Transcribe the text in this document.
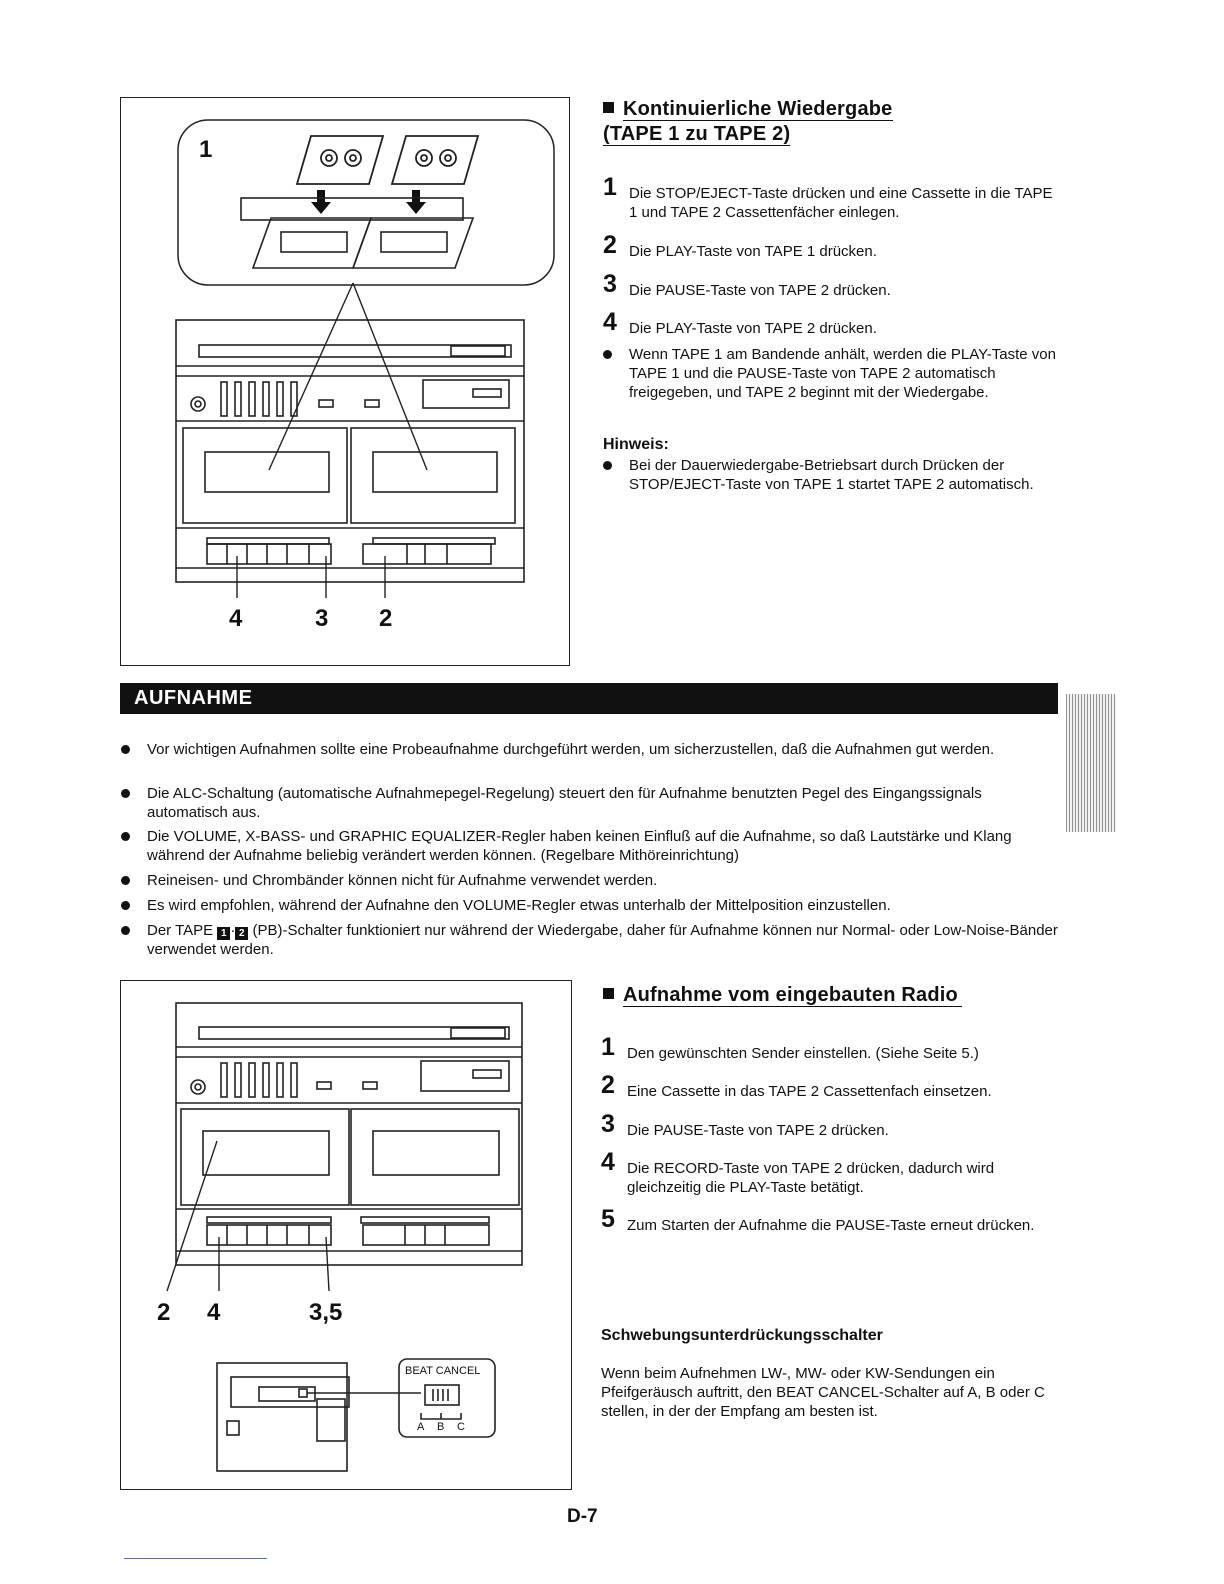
1
4	3 2
Kontinuierliche Wiedergabe
(TAPE 1 zu TAPE 2)
1 Die STOP/EJECT-Taste drücken und eine Cassette in die TAPE 1 und TAPE 2 Cassettenfächer einlegen.
2 Die PLAY-Taste von TAPE 1 drücken.
3 Die PAUSE-Taste von TAPE 2 drücken.
4 Die PLAY-Taste von TAPE 2 drücken.
Wenn TAPE 1 am Bandende anhält, werden die PLAY-Taste von TAPE 1 und die PAUSE-Taste von TAPE 2 automatisch freigegeben, und TAPE 2 beginnt mit der Wiedergabe.
Hinweis:
Bei der Dauerwiedergabe-Betriebsart durch Drücken der STOP/EJECT-Taste von TAPE 1 startet TAPE 2 automatisch.
AUFNAHME
Vor wichtigen Aufnahmen sollte eine Probeaufnahme durchgeführt werden, um sicherzustellen, daß die Aufnahmen gut werden.
Die ALC-Schaltung (automatische Aufnahmepegel-Regelung) steuert den für Aufnahme benutzten Pegel des Eingangssignals automatisch aus.
Die VOLUME, X-BASS- und GRAPHIC EQUALIZER-Regler haben keinen Einfluß auf die Aufnahme, so daß Lautstärke und Klang während der Aufnahme beliebig verändert werden können. (Regelbare Mithöreinrichtung)
Reineisen- und Chrombänder können nicht für Aufnahme verwendet werden.
Es wird empfohlen, während der Aufnahne den VOLUME-Regler etwas unterhalb der Mittelposition einzustellen.
Der TAPE 1 · 2 (PB)-Schalter funktioniert nur während der Wiedergabe, daher für Aufnahme können nur Normal- oder Low-Noise-Bänder verwendet werden.
2 4	3,5
BEAT CANCEL
A B C
Aufnahme vom eingebauten Radio
1 Den gewünschten Sender einstellen. (Siehe Seite 5.)
2 Eine Cassette in das TAPE 2 Cassettenfach einsetzen.
3 Die PAUSE-Taste von TAPE 2 drücken.
4 Die RECORD-Taste von TAPE 2 drücken, dadurch wird gleichzeitig die PLAY-Taste betätigt.
5 Zum Starten der Aufnahme die PAUSE-Taste erneut drücken.
Schwebungsunterdrückungsschalter
Wenn beim Aufnehmen LW-, MW- oder KW-Sendungen ein Pfeifgeräusch auftritt, den BEAT CANCEL-Schalter auf A, B oder C stellen, in der der Empfang am besten ist.
D-7
